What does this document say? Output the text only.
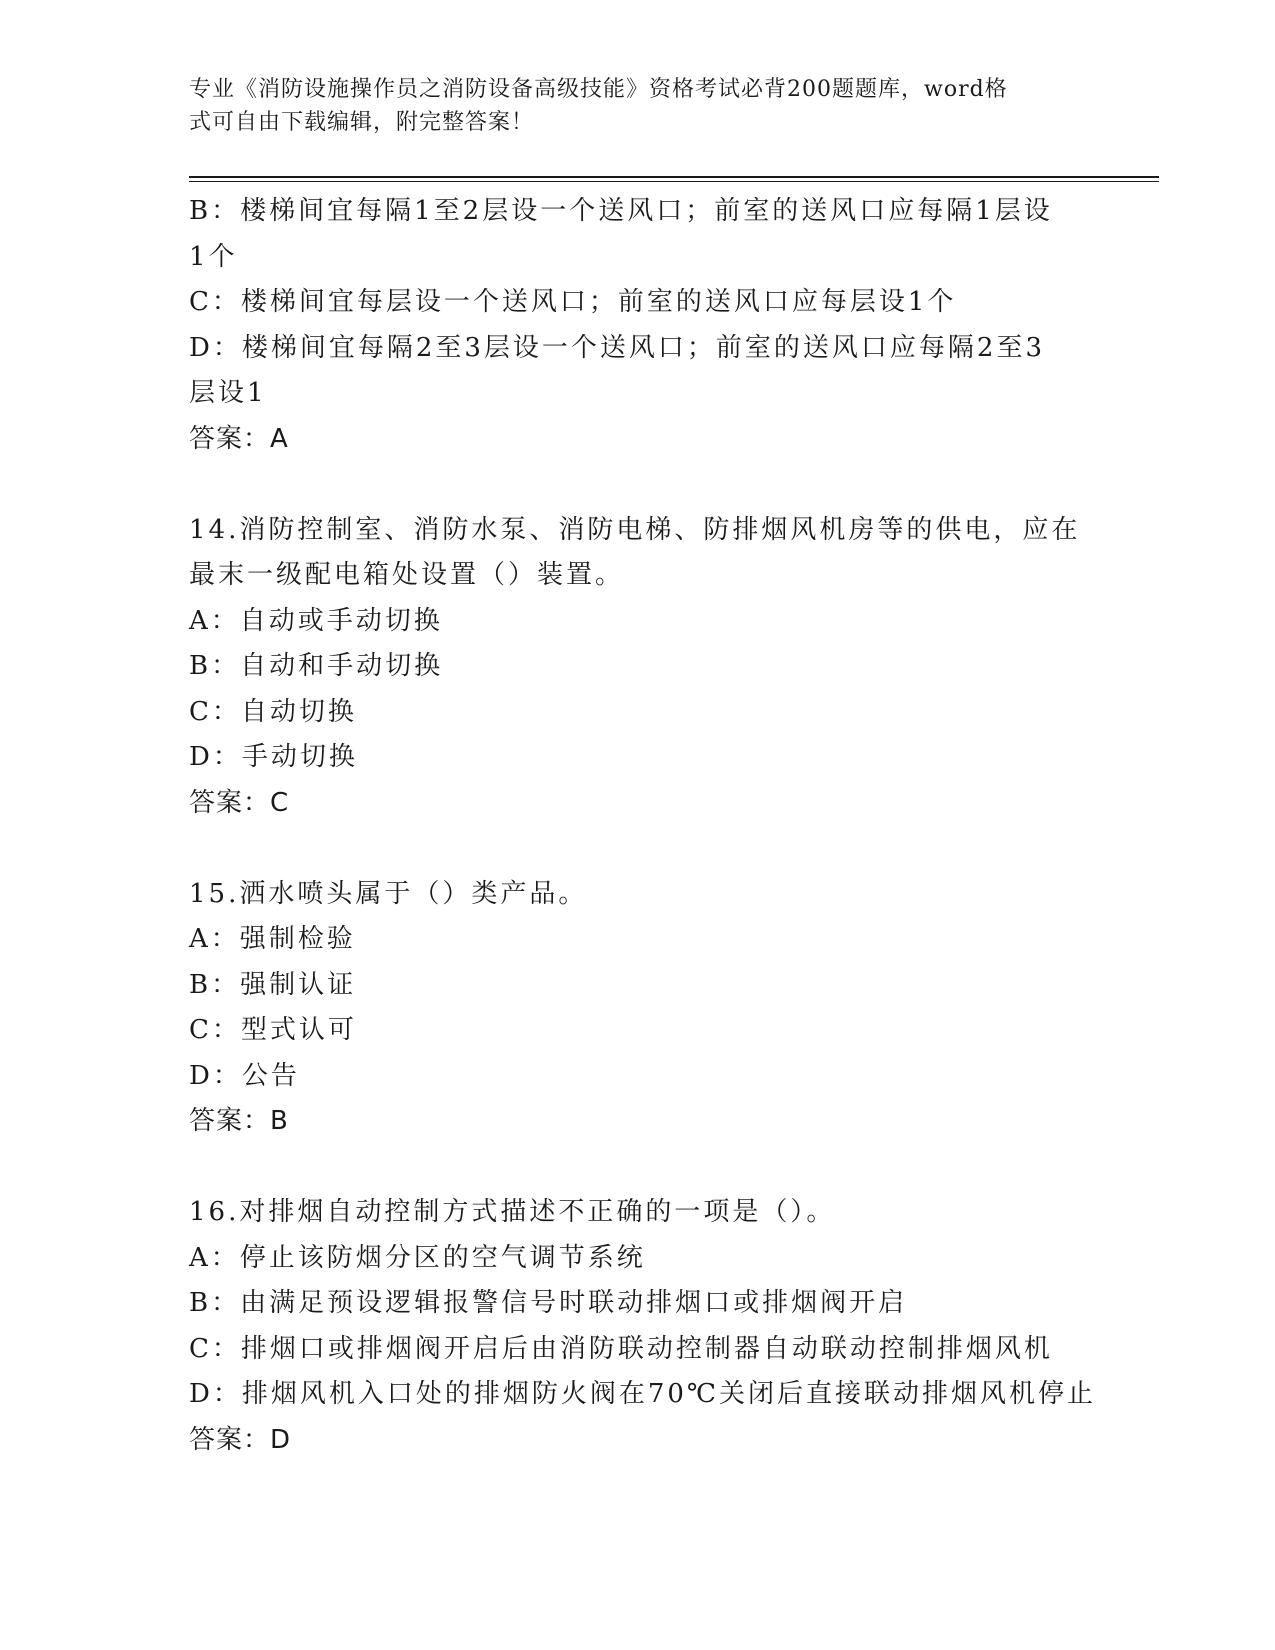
专业《消防设施操作员之消防设备高级技能》资格考试必背200题题库，word格
式可自由下载编辑，附完整答案！
B：楼梯间宜每隔1至2层设一个送风口；前室的送风口应每隔1层设
1个
C：楼梯间宜每层设一个送风口；前室的送风口应每层设1个
D：楼梯间宜每隔2至3层设一个送风口；前室的送风口应每隔2至3
层设1
答案：A
14.消防控制室、消防水泵、消防电梯、防排烟风机房等的供电，应在
最末一级配电箱处设置（）装置。
A：自动或手动切换
B：自动和手动切换
C：自动切换
D：手动切换
答案：C
15.洒水喷头属于（）类产品。
A：强制检验
B：强制认证
C：型式认可
D：公告
答案：B
16.对排烟自动控制方式描述不正确的一项是（）。
A：停止该防烟分区的空气调节系统
B：由满足预设逻辑报警信号时联动排烟口或排烟阀开启
C：排烟口或排烟阀开启后由消防联动控制器自动联动控制排烟风机
D：排烟风机入口处的排烟防火阀在70℃关闭后直接联动排烟风机停止
答案：D
